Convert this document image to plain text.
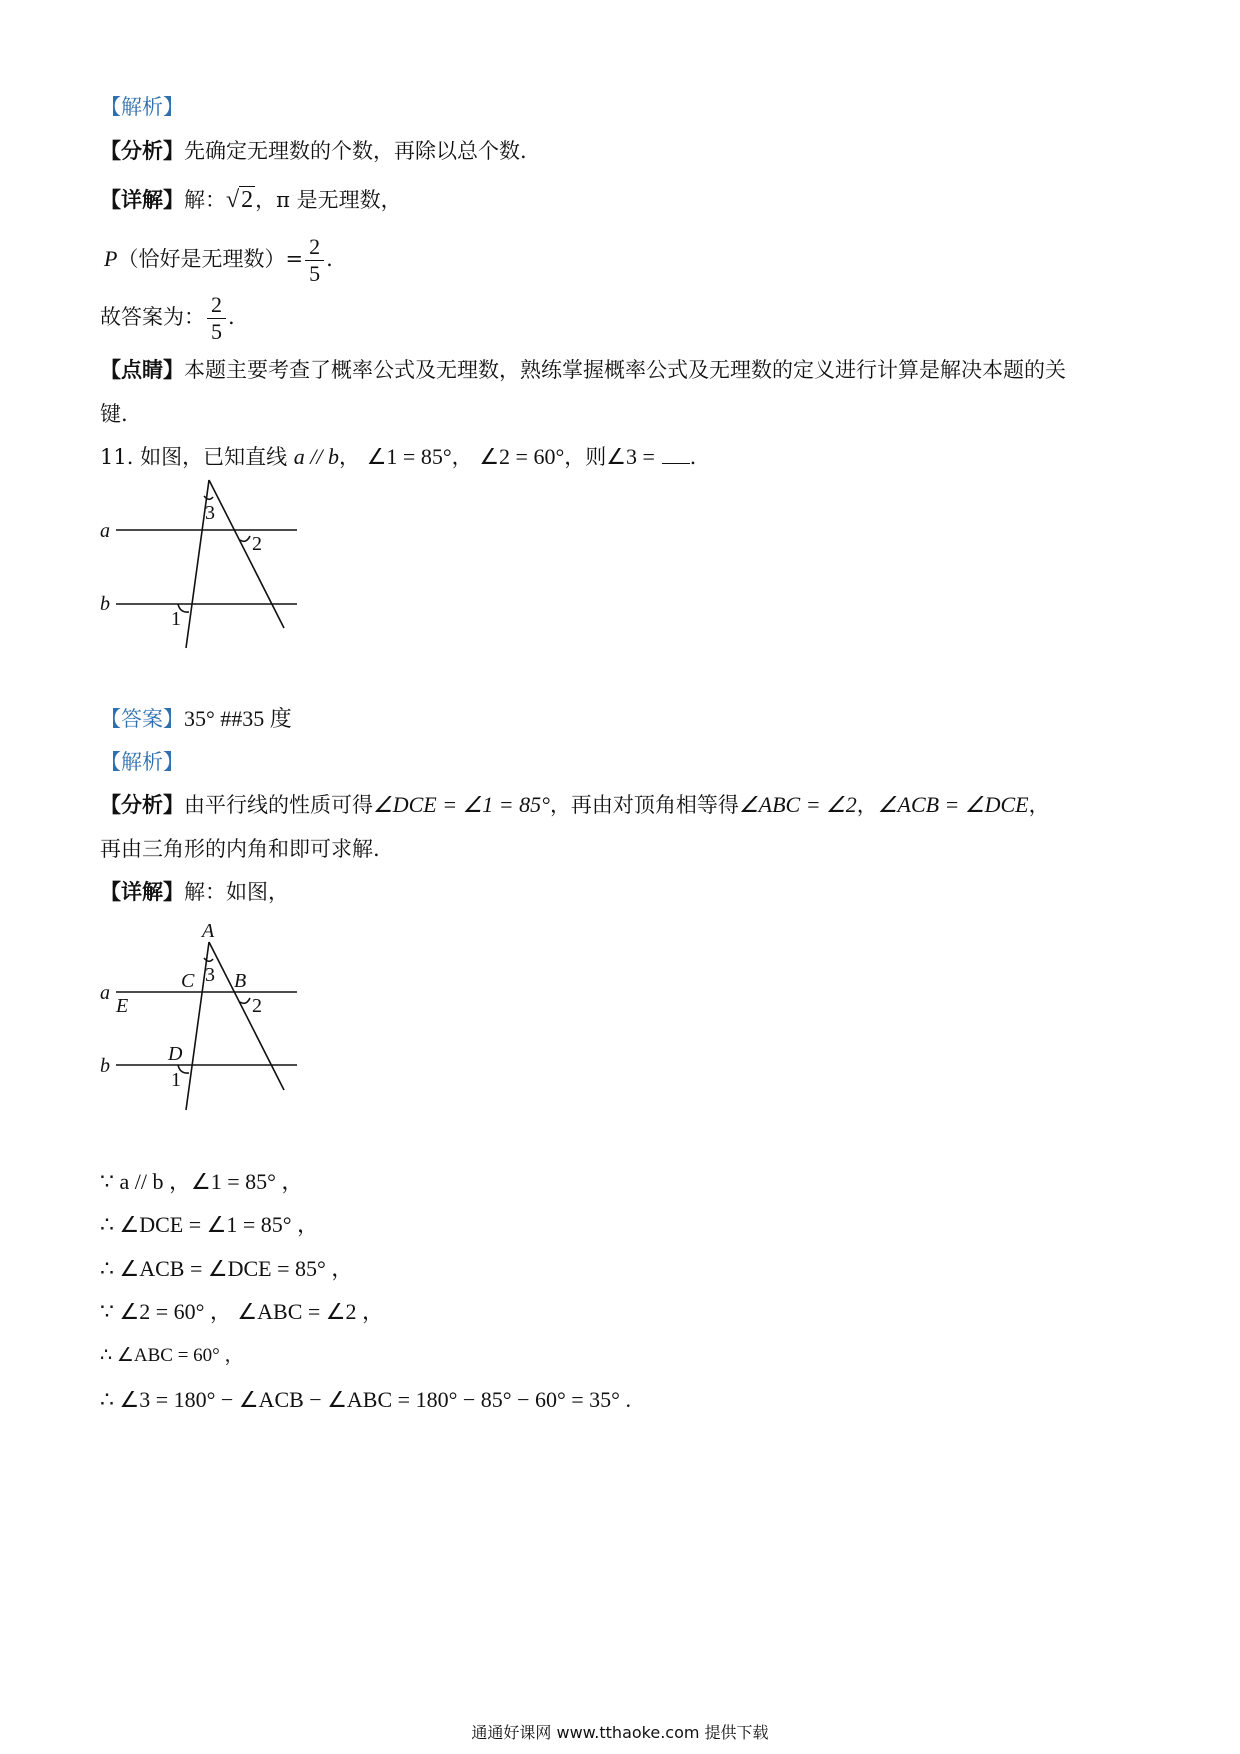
【解析】
【分析】先确定无理数的个数，再除以总个数.
【详解】解：√2，π 是无理数，
P（恰好是无理数）= $\frac{2}{5}$ .
故答案为： $\frac{2}{5}$ .
【点睛】本题主要考查了概率公式及无理数，熟练掌握概率公式及无理数的定义进行计算是解决本题的关
键.
11. 如图，已知直线 a // b， ∠1 = 85°， ∠2 = 60°，则∠3 = .
a
b
3
2
1
【答案】35° ##35 度
【解析】
【分析】由平行线的性质可得∠DCE = ∠1 = 85°，再由对顶角相等得∠ABC = ∠2，∠ACB = ∠DCE，
再由三角形的内角和即可求解.
【详解】解：如图，
A
C B
E
D
a
b
3
2
1
∵ a // b ，∠1 = 85° ，
∴ ∠DCE = ∠1 = 85° ，
∴ ∠ACB = ∠DCE = 85° ，
∵ ∠2 = 60° ， ∠ABC = ∠2 ，
∴ ∠ABC = 60° ，
∴ ∠3 = 180° − ∠ACB − ∠ABC = 180° − 85° − 60° = 35° .
通通好课网 www.tthaoke.com 提供下载
